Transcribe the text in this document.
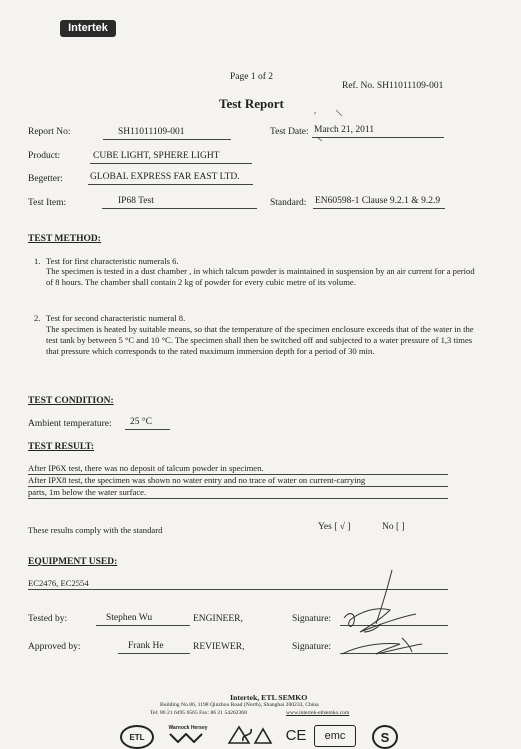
Intertek
Page 1 of 2
Ref. No. SH11011109-001
Test Report
Report No:	SH11011109-001	Test Date: March 21, 2011
Product:	CUBE LIGHT, SPHERE LIGHT
Begetter:	GLOBAL EXPRESS FAR EAST LTD.
Test Item:	IP68 Test	Standard: EN60598-1 Clause 9.2.1 & 9.2.9
TEST METHOD:
1. Test for first characteristic numerals 6.
The specimen is tested in a dust chamber , in which talcum powder is maintained in suspension by an air current for a period of 8 hours. The chamber shall contain 2 kg of powder for every cubic metre of its volume.
2. Test for second characteristic numeral 8.
The specimen is heated by suitable means, so that the temperature of the specimen enclosure exceeds that of the water in the test tank by between 5 °C and 10 °C. The specimen shall then be switched off and subjected to a water pressure of 1,3 times that pressure which corresponds to the rated maximum immersion depth for a period of 30 min.
TEST CONDITION:
Ambient temperature: 25 °C
TEST RESULT:
After IP6X test, there was no deposit of talcum powder in specimen.
After IPX8 test, the specimen was shown no water entry and no trace of water on current-carrying
parts, 1m below the water surface.
These results comply with the standard	Yes [ √ ]	No [ ]
EQUIPMENT USED:
EC2476, EC2554
Tested by:	Stephen Wu	ENGINEER,	Signature:
Approved by:	Frank He	REVIEWER,	Signature:
Intertek, ETL SEMKO
Building No.86, 1198 Qinzhou Road (North), Shanghai 200233, China
Tel: 86 21 6495 6565 Fax: 86 21 54262368	www.intertek-etlsemko.com
ETL
Warnock Hersey	CE	emc	S
